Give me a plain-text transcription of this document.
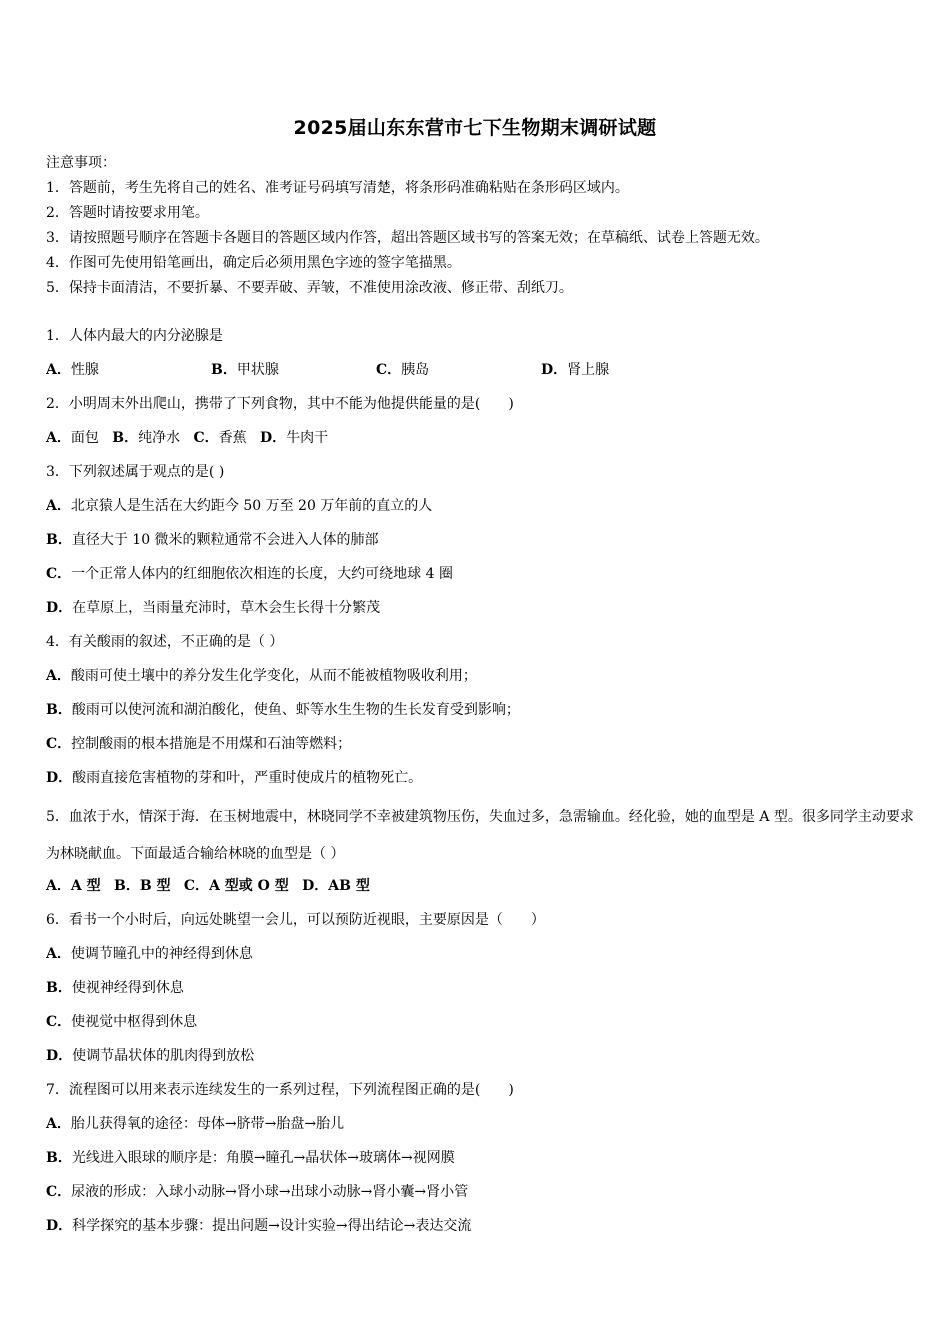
2025届山东东营市七下生物期末调研试题
注意事项：
1．答题前，考生先将自己的姓名、准考证号码填写清楚，将条形码准确粘贴在条形码区域内。
2．答题时请按要求用笔。
3．请按照题号顺序在答题卡各题目的答题区域内作答，超出答题区域书写的答案无效；在草稿纸、试卷上答题无效。
4．作图可先使用铅笔画出，确定后必须用黑色字迹的签字笔描黑。
5．保持卡面清洁，不要折暴、不要弄破、弄皱，不准使用涂改液、修正带、刮纸刀。
1．人体内最大的内分泌腺是
A．性腺	B．甲状腺	C．胰岛	D．肾上腺
2．小明周末外出爬山，携带了下列食物，其中不能为他提供能量的是(　　)
A．面包 B．纯净水 C．香蕉 D．牛肉干
3．下列叙述属于观点的是( )
A．北京猿人是生活在大约距今 50 万至 20 万年前的直立的人
B．直径大于 10 微米的颗粒通常不会进入人体的肺部
C．一个正常人体内的红细胞依次相连的长度，大约可绕地球 4 圈
D．在草原上，当雨量充沛时，草木会生长得十分繁茂
4．有关酸雨的叙述，不正确的是（ ）
A．酸雨可使土壤中的养分发生化学变化，从而不能被植物吸收利用；
B．酸雨可以使河流和湖泊酸化，使鱼、虾等水生生物的生长发育受到影响；
C．控制酸雨的根本措施是不用煤和石油等燃料；
D．酸雨直接危害植物的芽和叶，严重时使成片的植物死亡。
5．血浓于水，情深于海．在玉树地震中，林晓同学不幸被建筑物压伤，失血过多，急需输血。经化验，她的血型是 A 型。很多同学主动要求为林晓献血。下面最适合输给林晓的血型是（ ）
A．A 型 B．B 型 C．A 型或 O 型 D．AB 型
6．看书一个小时后，向远处眺望一会儿，可以预防近视眼，主要原因是（　　）
A．使调节瞳孔中的神经得到休息
B．使视神经得到休息
C．使视觉中枢得到休息
D．使调节晶状体的肌肉得到放松
7．流程图可以用来表示连续发生的一系列过程，下列流程图正确的是(　　)
A．胎儿获得氧的途径：母体→脐带→胎盘→胎儿
B．光线进入眼球的顺序是：角膜→瞳孔→晶状体→玻璃体→视网膜
C．尿液的形成：入球小动脉→肾小球→出球小动脉→肾小囊→肾小管
D．科学探究的基本步骤：提出问题→设计实验→得出结论→表达交流
